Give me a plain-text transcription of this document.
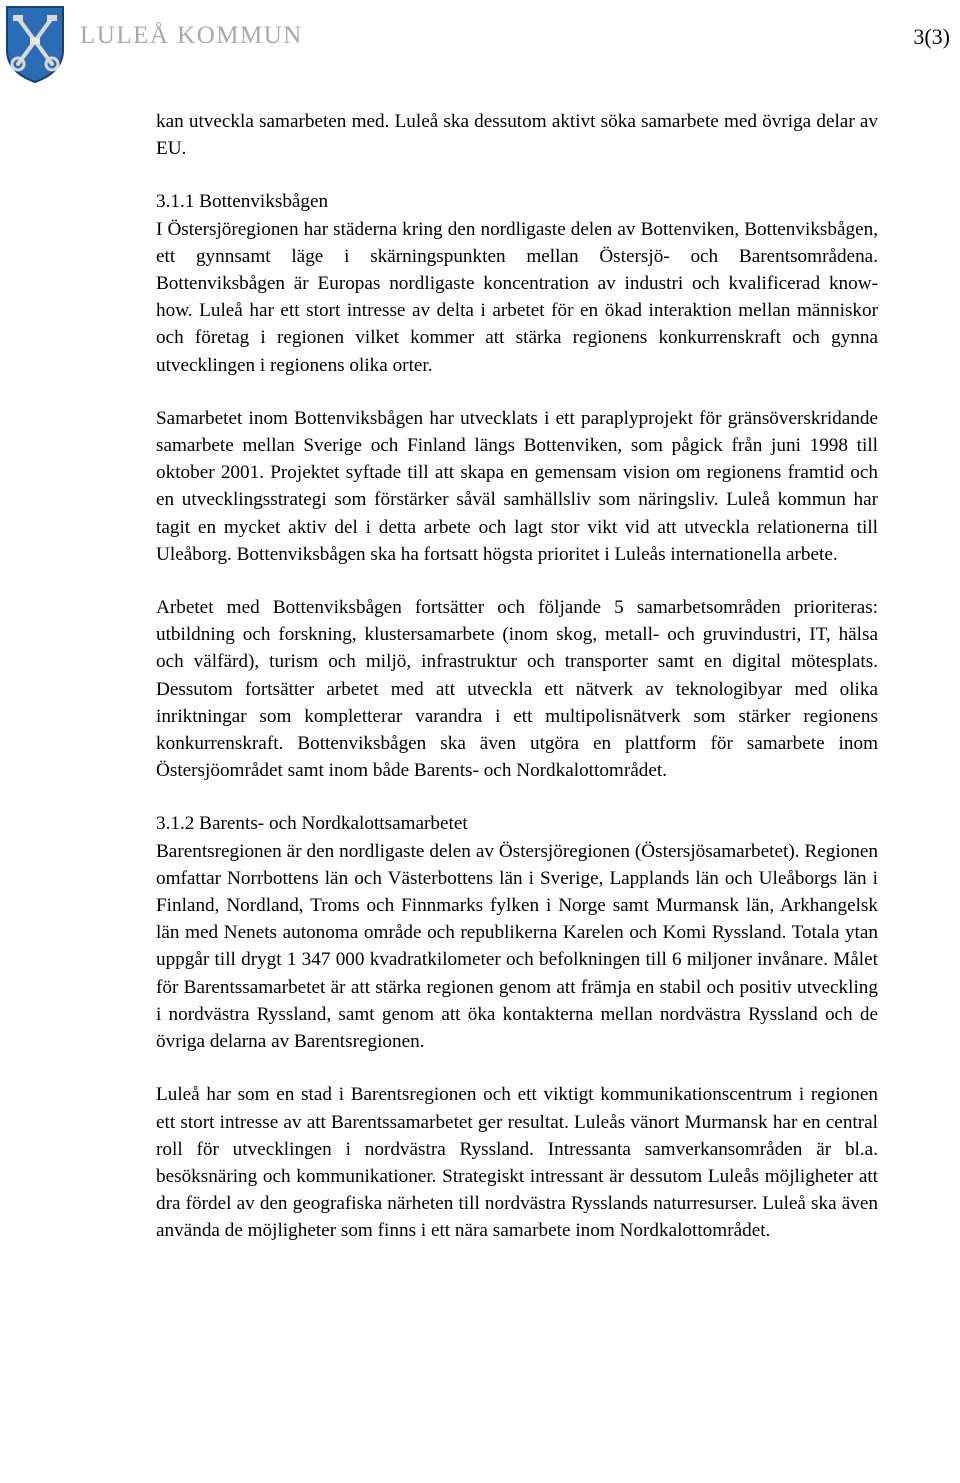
LULEÅ KOMMUN	3(3)

kan utveckla samarbeten med. Luleå ska dessutom aktivt söka samarbete med övriga delar av EU.

3.1.1 Bottenviksbågen

I Östersjöregionen har städerna kring den nordligaste delen av Bottenviken, Bottenviksbågen, ett gynnsamt läge i skärningspunkten mellan Östersjö- och Barentsområdena. Bottenviksbågen är Europas nordligaste koncentration av industri och kvalificerad know-how. Luleå har ett stort intresse av delta i arbetet för en ökad interaktion mellan människor och företag i regionen vilket kommer att stärka regionens konkurrenskraft och gynna utvecklingen i regionens olika orter.

Samarbetet inom Bottenviksbågen har utvecklats i ett paraplyprojekt för gränsöverskridande samarbete mellan Sverige och Finland längs Bottenviken, som pågick från juni 1998 till oktober 2001. Projektet syftade till att skapa en gemensam vision om regionens framtid och en utvecklingsstrategi som förstärker såväl samhällsliv som näringsliv. Luleå kommun har tagit en mycket aktiv del i detta arbete och lagt stor vikt vid att utveckla relationerna till Uleåborg. Bottenviksbågen ska ha fortsatt högsta prioritet i Luleås internationella arbete.

Arbetet med Bottenviksbågen fortsätter och följande 5 samarbetsområden prioriteras: utbildning och forskning, klustersamarbete (inom skog, metall- och gruvindustri, IT, hälsa och välfärd), turism och miljö, infrastruktur och transporter samt en digital mötesplats. Dessutom fortsätter arbetet med att utveckla ett nätverk av teknologibyar med olika inriktningar som kompletterar varandra i ett multipolisnätverk som stärker regionens konkurrenskraft. Bottenviksbågen ska även utgöra en plattform för samarbete inom Östersjöområdet samt inom både Barents- och Nordkalottområdet.

3.1.2 Barents- och Nordkalottsamarbetet

Barentsregionen är den nordligaste delen av Östersjöregionen (Östersjösamarbetet). Regionen omfattar Norrbottens län och Västerbottens län i Sverige, Lapplands län och Uleåborgs län i Finland, Nordland, Troms och Finnmarks fylken i Norge samt Murmansk län, Arkhangelsk län med Nenets autonoma område och republikerna Karelen och Komi Ryssland. Totala ytan uppgår till drygt 1 347 000 kvadratkilometer och befolkningen till 6 miljoner invånare. Målet för Barentssamarbetet är att stärka regionen genom att främja en stabil och positiv utveckling i nordvästra Ryssland, samt genom att öka kontakterna mellan nordvästra Ryssland och de övriga delarna av Barentsregionen.

Luleå har som en stad i Barentsregionen och ett viktigt kommunikationscentrum i regionen ett stort intresse av att Barentssamarbetet ger resultat. Luleås vänort Murmansk har en central roll för utvecklingen i nordvästra Ryssland. Intressanta samverkansområden är bl.a. besöksnäring och kommunikationer. Strategiskt intressant är dessutom Luleås möjligheter att dra fördel av den geografiska närheten till nordvästra Rysslands naturresurser. Luleå ska även använda de möjligheter som finns i ett nära samarbete inom Nordkalottområdet.
